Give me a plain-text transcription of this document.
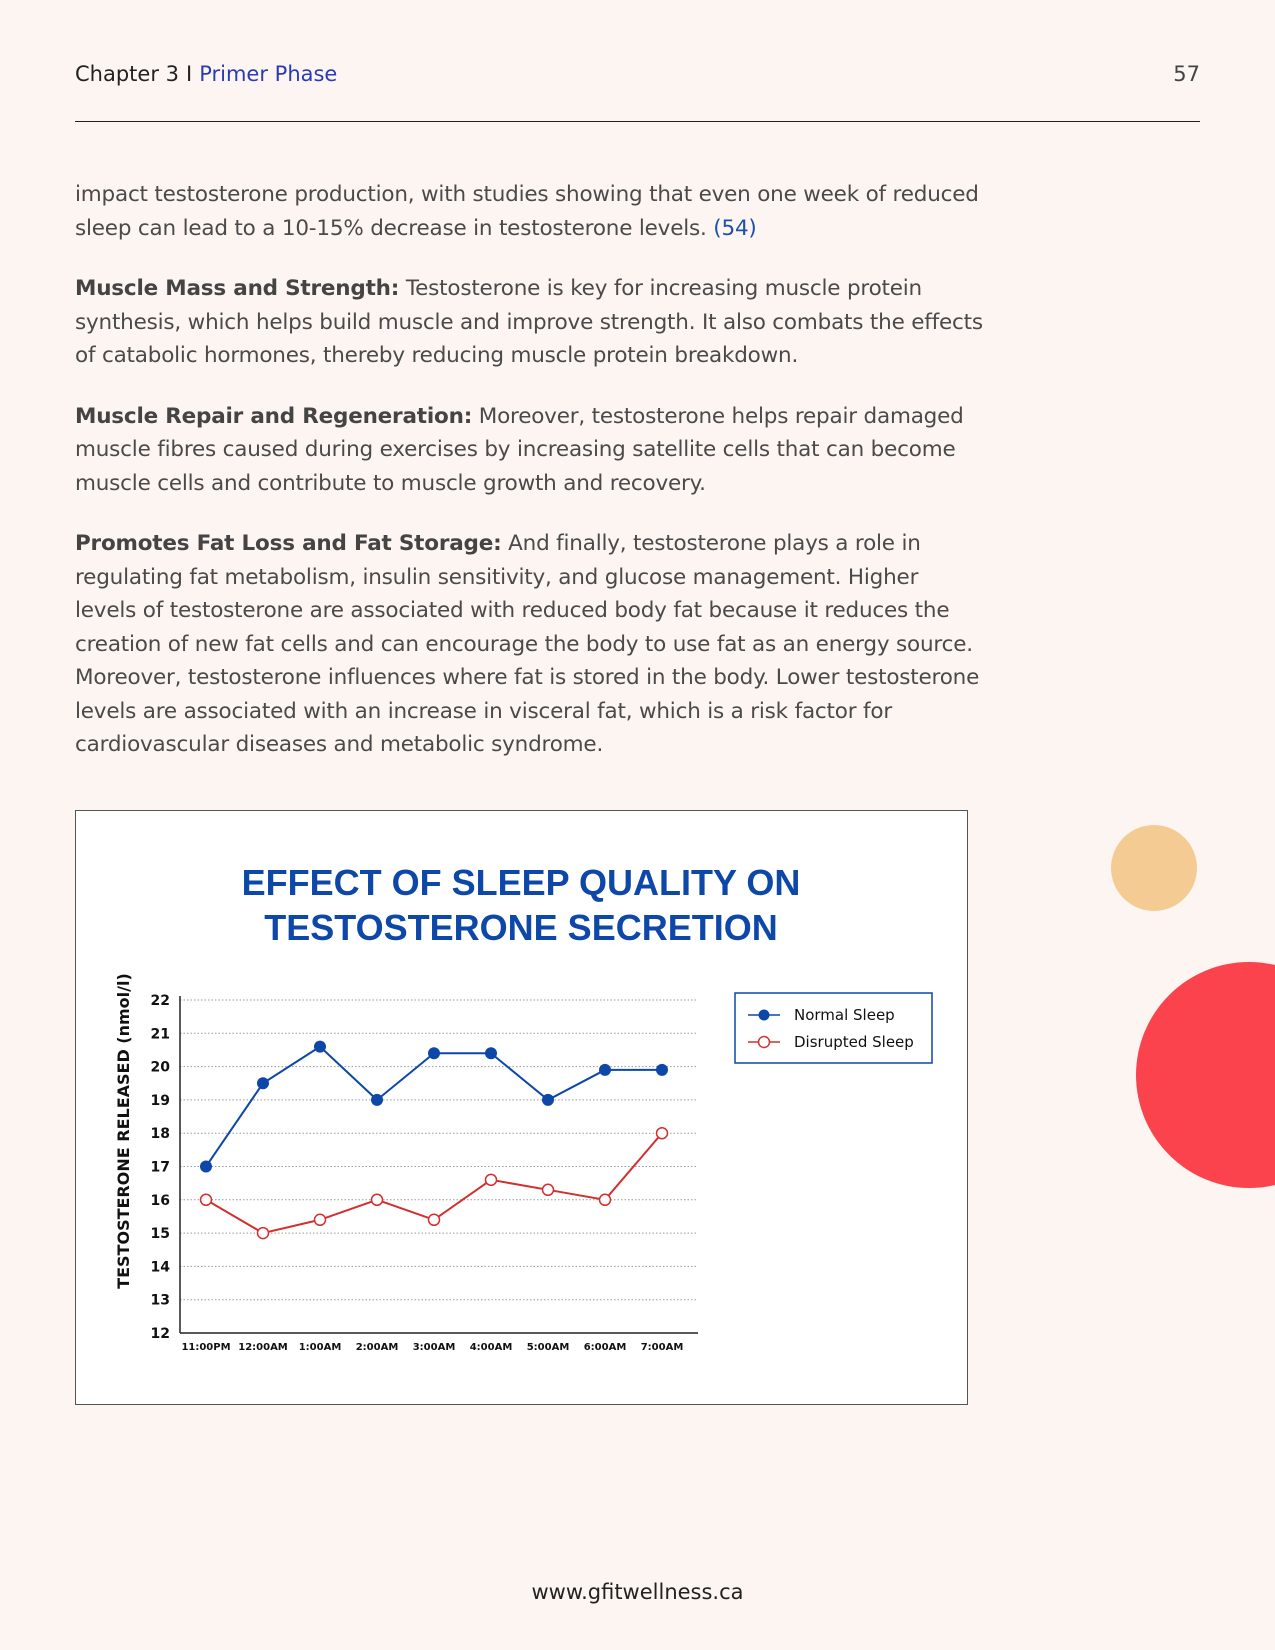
Chapter 3 I Primer Phase	57

impact testosterone production, with studies showing that even one week of reduced sleep can lead to a 10-15% decrease in testosterone levels. (54)

Muscle Mass and Strength: Testosterone is key for increasing muscle protein synthesis, which helps build muscle and improve strength. It also combats the effects of catabolic hormones, thereby reducing muscle protein breakdown.

Muscle Repair and Regeneration: Moreover, testosterone helps repair damaged muscle fibres caused during exercises by increasing satellite cells that can become muscle cells and contribute to muscle growth and recovery.

Promotes Fat Loss and Fat Storage: And finally, testosterone plays a role in regulating fat metabolism, insulin sensitivity, and glucose management. Higher levels of testosterone are associated with reduced body fat because it reduces the creation of new fat cells and can encourage the body to use fat as an energy source. Moreover, testosterone influences where fat is stored in the body. Lower testosterone levels are associated with an increase in visceral fat, which is a risk factor for cardiovascular diseases and metabolic syndrome.

EFFECT OF SLEEP QUALITY ON
TESTOSTERONE SECRETION
TESTOSTERONE RELEASED (nmol/l)
12
13
14
15
16
17
18
19
20
21
22
11:00PM 12:00AM 1:00AM 2:00AM 3:00AM 4:00AM 5:00AM 6:00AM 7:00AM
Normal Sleep
Disrupted Sleep
www.gfitwellness.ca
